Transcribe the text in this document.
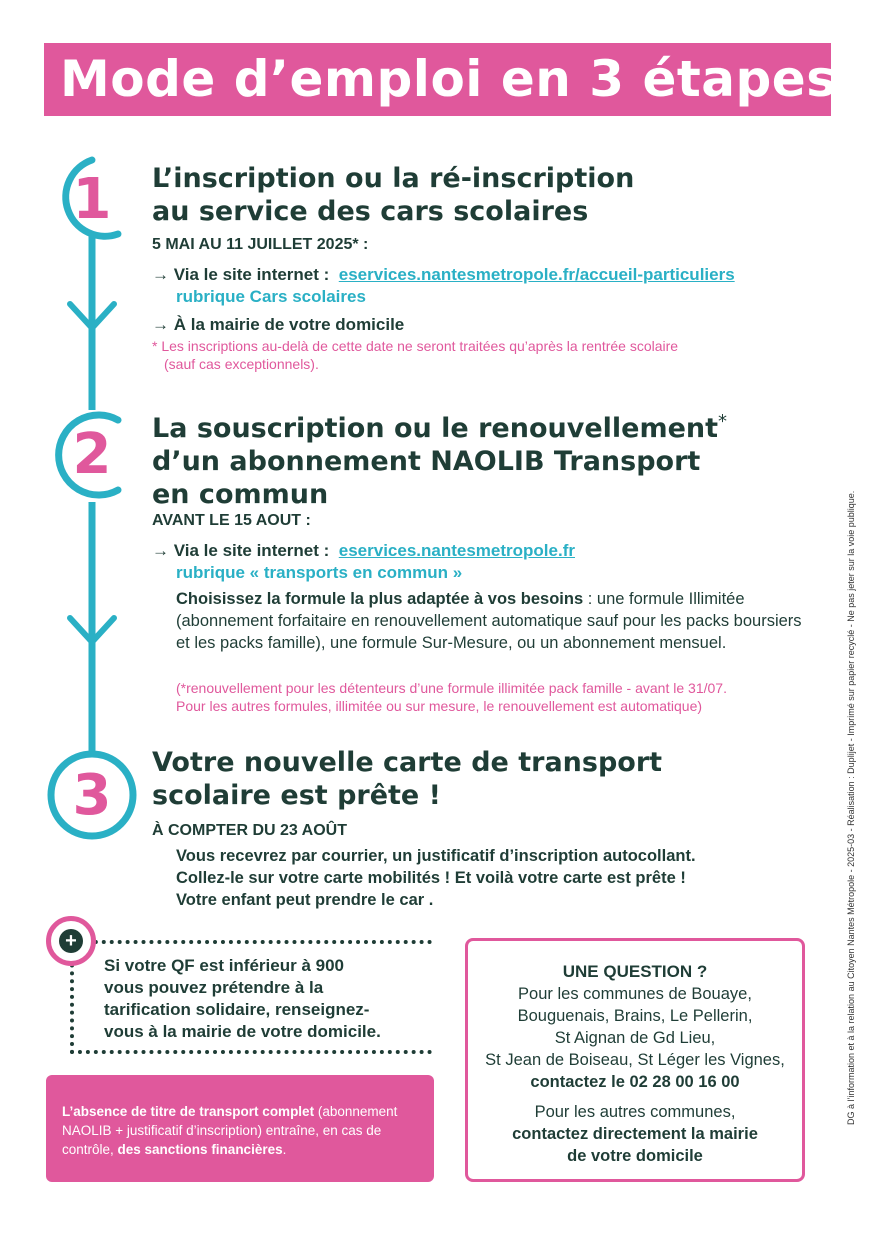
Mode d’emploi en 3 étapes
1	L’inscription ou la ré-inscription
au service des cars scolaires
5 MAI AU 11 JUILLET 2025* :
→ Via le site internet : eservices.nantesmetropole.fr/accueil-particuliers
rubrique Cars scolaires
→ À la mairie de votre domicile
* Les inscriptions au-delà de cette date ne seront traitées qu’après la rentrée scolaire
(sauf cas exceptionnels).
2	La souscription ou le renouvellement*
d’un abonnement NAOLIB Transport
en commun
AVANT LE 15 AOUT :
→ Via le site internet : eservices.nantesmetropole.fr
rubrique « transports en commun »
Choisissez la formule la plus adaptée à vos besoins : une formule Illimitée (abonnement forfaitaire en renouvellement automatique sauf pour les packs boursiers et les packs famille), une formule Sur-Mesure, ou un abonnement mensuel.
(*renouvellement pour les détenteurs d’une formule illimitée pack famille - avant le 31/07.
Pour les autres formules, illimitée ou sur mesure, le renouvellement est automatique)
3
Votre nouvelle carte de transport
scolaire est prête !
À COMPTER DU 23 AOÛT
Vous recevrez par courrier, un justificatif d’inscription autocollant.
Collez-le sur votre carte mobilités ! Et voilà votre carte est prête !
Votre enfant peut prendre le car .
+
Si votre QF est inférieur à 900
vous pouvez prétendre à la
tarification solidaire, renseignez-
vous à la mairie de votre domicile.
L’absence de titre de transport complet (abonnement NAOLIB + justificatif d’inscription) entraîne, en cas de contrôle, des sanctions financières.
UNE QUESTION ?
Pour les communes de Bouaye,
Bouguenais, Brains, Le Pellerin,
St Aignan de Gd Lieu,
St Jean de Boiseau, St Léger les Vignes,
contactez le 02 28 00 16 00
Pour les autres communes,
contactez directement la mairie
de votre domicile
DG à l’information et à la relation au Citoyen Nantes Métropole - 2025-03 - Réalisation : Duplijet - Imprimé sur papier recyclé - Ne pas jeter sur la voie publique.
